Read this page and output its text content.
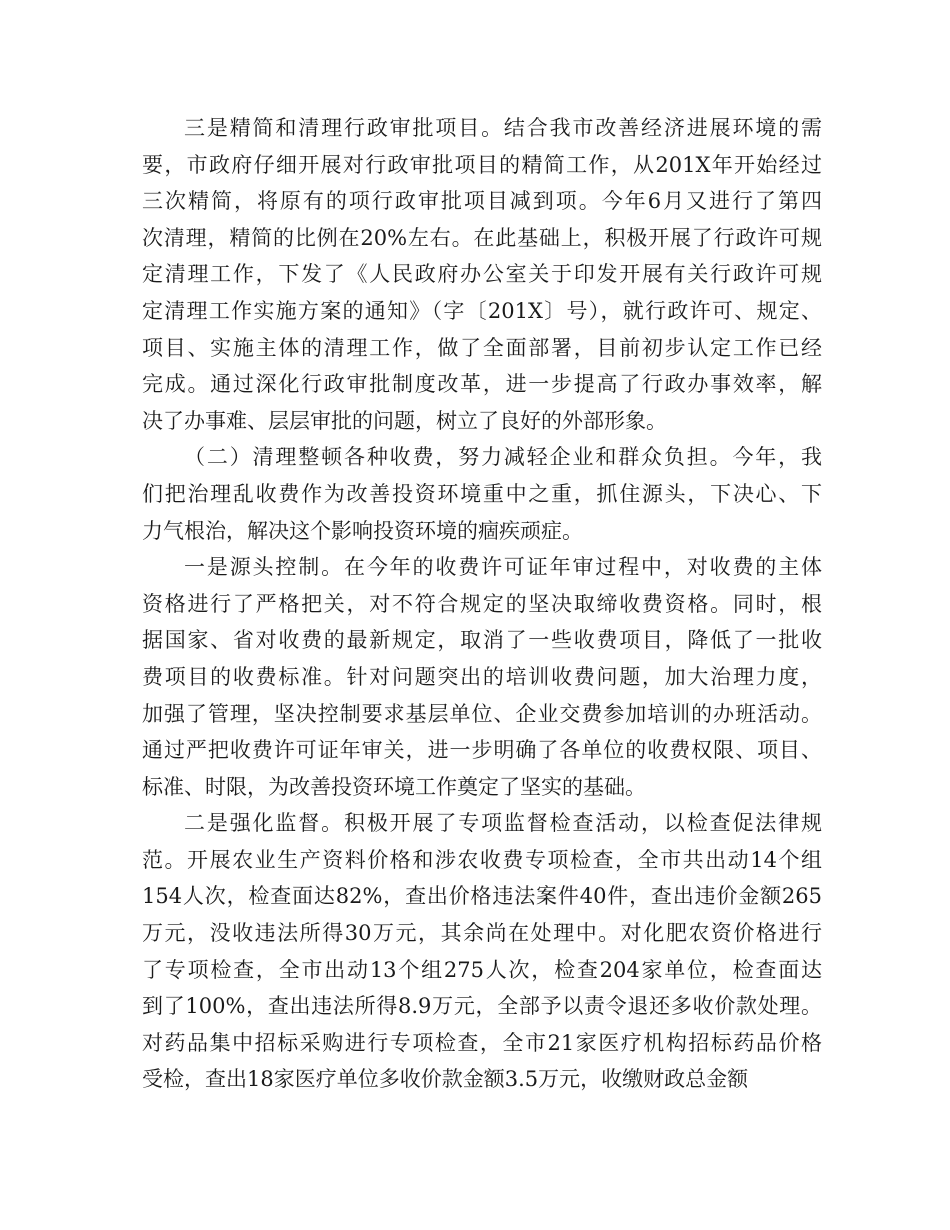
三是精简和清理行政审批项目。结合我市改善经济进展环境的需
要，市政府仔细开展对行政审批项目的精简工作，从201X年开始经过
三次精简，将原有的项行政审批项目减到项。今年6月又进行了第四
次清理，精简的比例在20%左右。在此基础上，积极开展了行政许可规
定清理工作，下发了《人民政府办公室关于印发开展有关行政许可规
定清理工作实施方案的通知》（字〔201X〕号），就行政许可、规定、
项目、实施主体的清理工作，做了全面部署，目前初步认定工作已经
完成。通过深化行政审批制度改革，进一步提高了行政办事效率，解
决了办事难、层层审批的问题，树立了良好的外部形象。
（二）清理整顿各种收费，努力减轻企业和群众负担。今年，我
们把治理乱收费作为改善投资环境重中之重，抓住源头，下决心、下
力气根治，解决这个影响投资环境的痼疾顽症。
一是源头控制。在今年的收费许可证年审过程中，对收费的主体
资格进行了严格把关，对不符合规定的坚决取缔收费资格。同时，根
据国家、省对收费的最新规定，取消了一些收费项目，降低了一批收
费项目的收费标准。针对问题突出的培训收费问题，加大治理力度，
加强了管理，坚决控制要求基层单位、企业交费参加培训的办班活动。
通过严把收费许可证年审关，进一步明确了各单位的收费权限、项目、
标准、时限，为改善投资环境工作奠定了坚实的基础。
二是强化监督。积极开展了专项监督检查活动，以检查促法律规
范。开展农业生产资料价格和涉农收费专项检查，全市共出动14个组
154人次，检查面达82%，查出价格违法案件40件，查出违价金额265
万元，没收违法所得30万元，其余尚在处理中。对化肥农资价格进行
了专项检查，全市出动13个组275人次，检查204家单位，检查面达
到了100%，查出违法所得8.9万元，全部予以责令退还多收价款处理。
对药品集中招标采购进行专项检查，全市21家医疗机构招标药品价格
受检，查出18家医疗单位多收价款金额3.5万元，收缴财政总金额
